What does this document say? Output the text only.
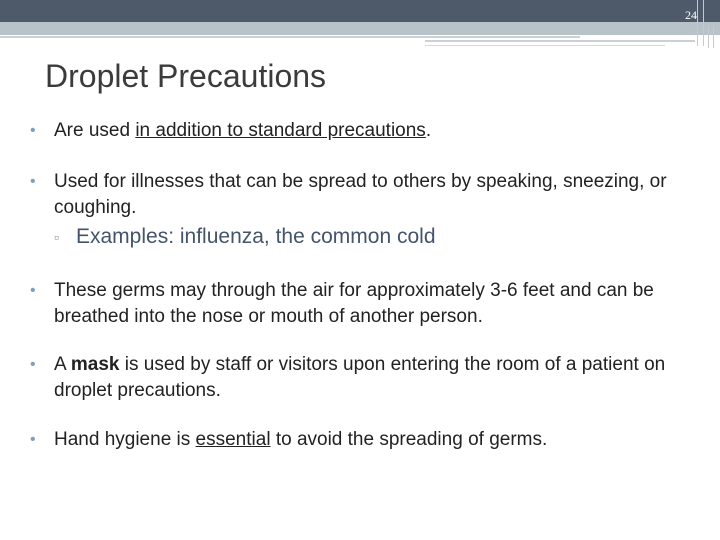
24
Droplet Precautions
• Are used in addition to standard precautions.
• Used for illnesses that can be spread to others by speaking, sneezing, or coughing.
▫ Examples: influenza, the common cold
• These germs may through the air for approximately 3-6 feet and can be breathed into the nose or mouth of another person.
• A mask is used by staff or visitors upon entering the room of a patient on droplet precautions.
• Hand hygiene is essential to avoid the spreading of germs.
